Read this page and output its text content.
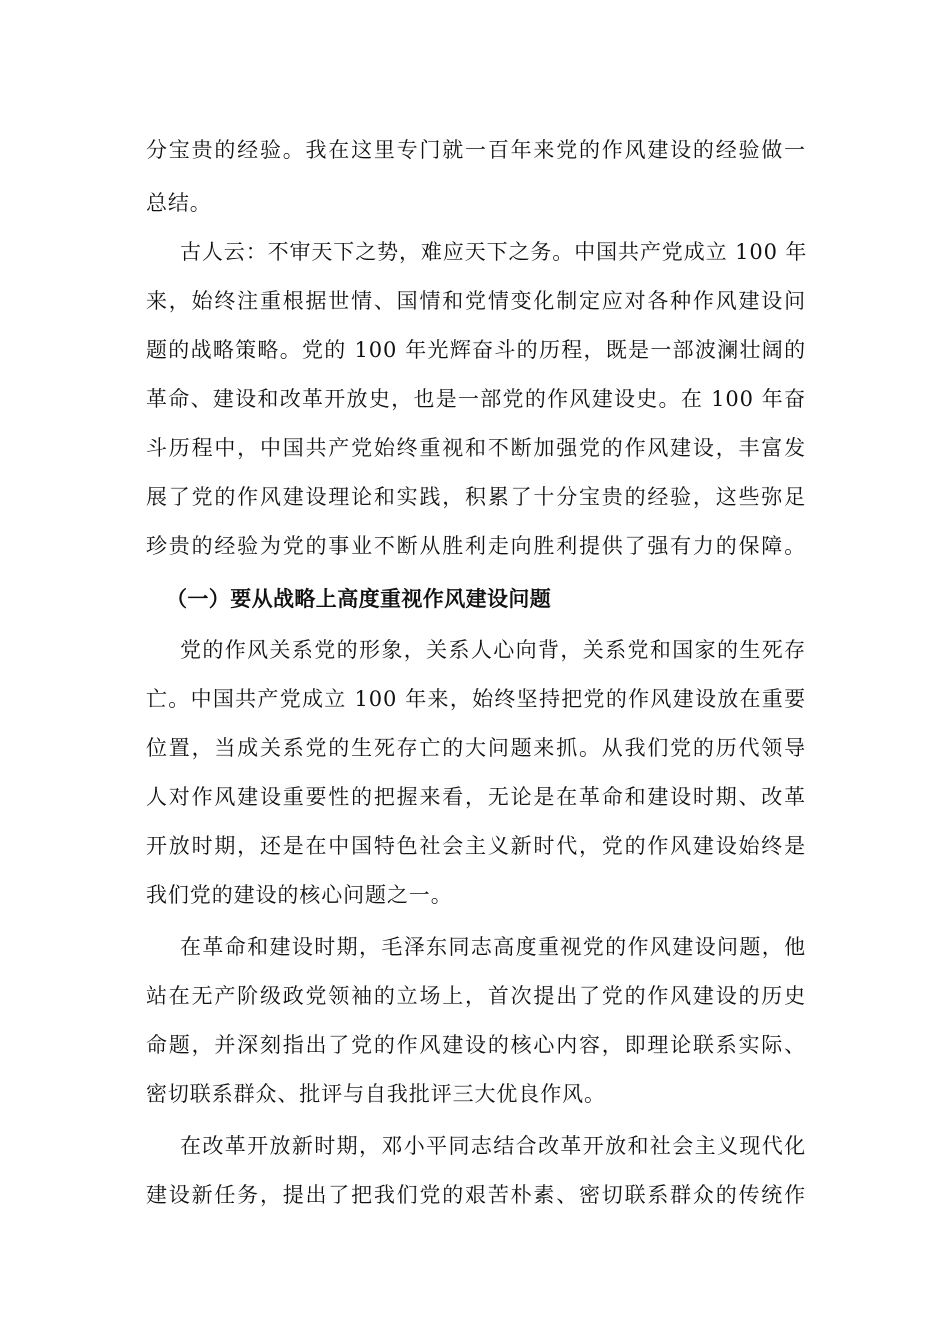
分宝贵的经验。我在这里专门就一百年来党的作风建设的经验做一
总结。
古人云：不审天下之势，难应天下之务。中国共产党成立 100 年
来，始终注重根据世情、国情和党情变化制定应对各种作风建设问
题的战略策略。党的 100 年光辉奋斗的历程，既是一部波澜壮阔的
革命、建设和改革开放史，也是一部党的作风建设史。在 100 年奋
斗历程中，中国共产党始终重视和不断加强党的作风建设，丰富发
展了党的作风建设理论和实践，积累了十分宝贵的经验，这些弥足
珍贵的经验为党的事业不断从胜利走向胜利提供了强有力的保障。
（一）要从战略上高度重视作风建设问题
党的作风关系党的形象，关系人心向背，关系党和国家的生死存
亡。中国共产党成立 100 年来，始终坚持把党的作风建设放在重要
位置，当成关系党的生死存亡的大问题来抓。从我们党的历代领导
人对作风建设重要性的把握来看，无论是在革命和建设时期、改革
开放时期，还是在中国特色社会主义新时代，党的作风建设始终是
我们党的建设的核心问题之一。
在革命和建设时期，毛泽东同志高度重视党的作风建设问题，他
站在无产阶级政党领袖的立场上，首次提出了党的作风建设的历史
命题，并深刻指出了党的作风建设的核心内容，即理论联系实际、
密切联系群众、批评与自我批评三大优良作风。
在改革开放新时期，邓小平同志结合改革开放和社会主义现代化
建设新任务，提出了把我们党的艰苦朴素、密切联系群众的传统作
